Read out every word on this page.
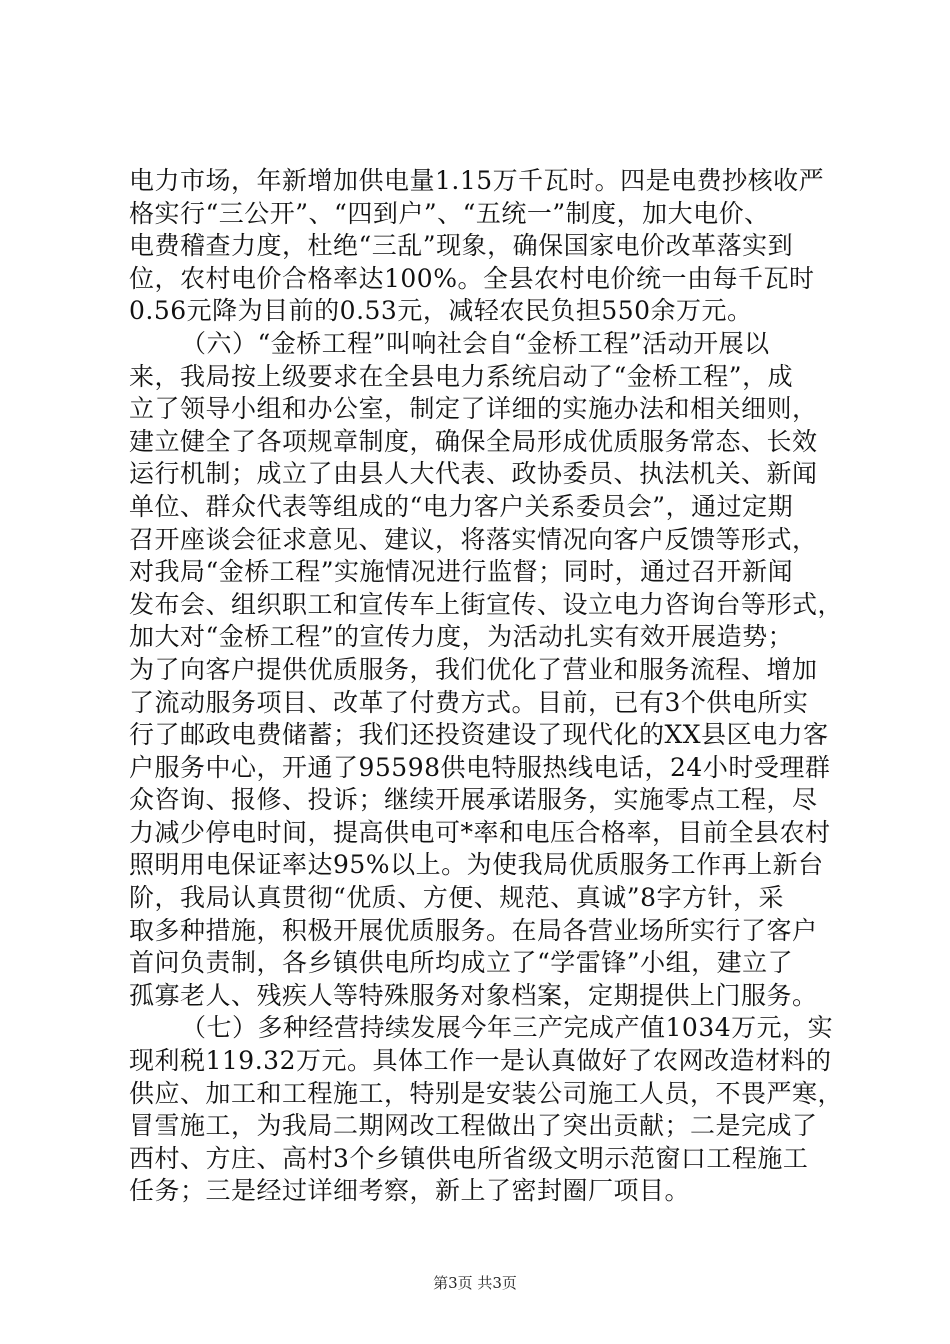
电力市场，年新增加供电量1.15万千瓦时。四是电费抄核收严
格实行“三公开”、“四到户”、“五统一”制度，加大电价、
电费稽查力度，杜绝“三乱”现象，确保国家电价改革落实到
位，农村电价合格率达100%。全县农村电价统一由每千瓦时
0.56元降为目前的0.53元，减轻农民负担550余万元。
（六）“金桥工程”叫响社会自“金桥工程”活动开展以
来，我局按上级要求在全县电力系统启动了“金桥工程”，成
立了领导小组和办公室，制定了详细的实施办法和相关细则，
建立健全了各项规章制度，确保全局形成优质服务常态、长效
运行机制；成立了由县人大代表、政协委员、执法机关、新闻
单位、群众代表等组成的“电力客户关系委员会”，通过定期
召开座谈会征求意见、建议，将落实情况向客户反馈等形式，
对我局“金桥工程”实施情况进行监督；同时，通过召开新闻
发布会、组织职工和宣传车上街宣传、设立电力咨询台等形式，
加大对“金桥工程”的宣传力度，为活动扎实有效开展造势；
为了向客户提供优质服务，我们优化了营业和服务流程、增加
了流动服务项目、改革了付费方式。目前，已有3个供电所实
行了邮政电费储蓄；我们还投资建设了现代化的XX县区电力客
户服务中心，开通了95598供电特服热线电话，24小时受理群
众咨询、报修、投诉；继续开展承诺服务，实施零点工程，尽
力减少停电时间，提高供电可*率和电压合格率，目前全县农村
照明用电保证率达95%以上。为使我局优质服务工作再上新台
阶，我局认真贯彻“优质、方便、规范、真诚”8字方针，采
取多种措施，积极开展优质服务。在局各营业场所实行了客户
首问负责制，各乡镇供电所均成立了“学雷锋”小组，建立了
孤寡老人、残疾人等特殊服务对象档案，定期提供上门服务。
（七）多种经营持续发展今年三产完成产值1034万元，实
现利税119.32万元。具体工作一是认真做好了农网改造材料的
供应、加工和工程施工，特别是安装公司施工人员，不畏严寒，
冒雪施工，为我局二期网改工程做出了突出贡献；二是完成了
西村、方庄、高村3个乡镇供电所省级文明示范窗口工程施工
任务；三是经过详细考察，新上了密封圈厂项目。
第3页 共3页
